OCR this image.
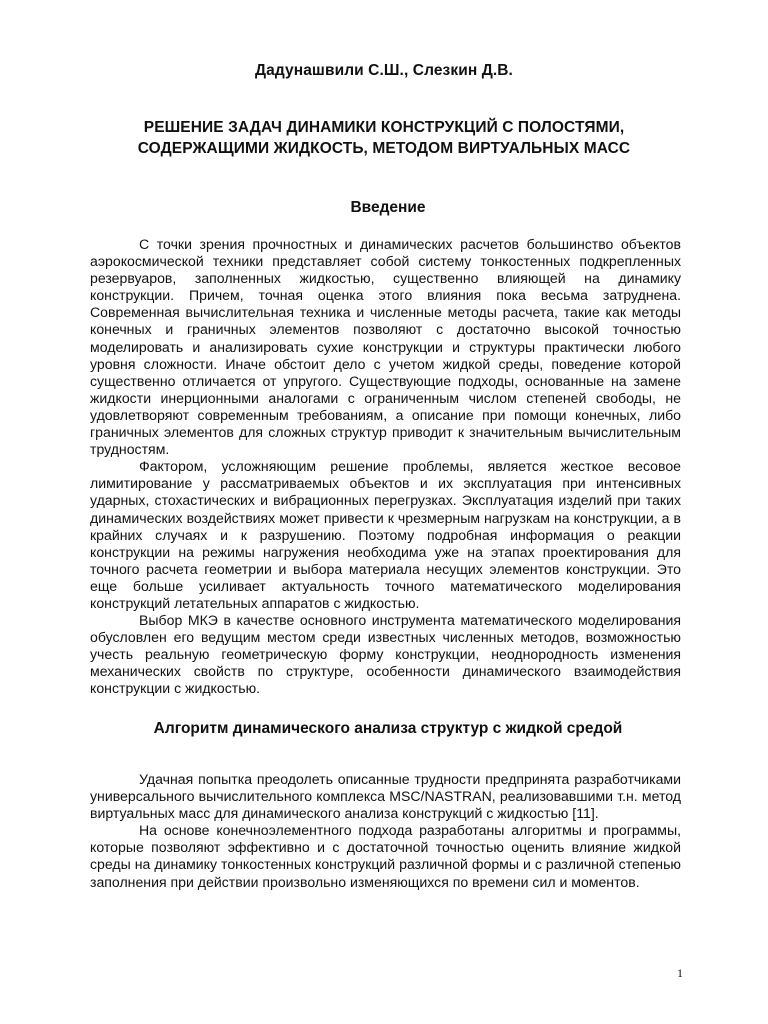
Дадунашвили С.Ш., Слезкин Д.В.
РЕШЕНИЕ ЗАДАЧ ДИНАМИКИ КОНСТРУКЦИЙ С ПОЛОСТЯМИ,
СОДЕРЖАЩИМИ ЖИДКОСТЬ, МЕТОДОМ ВИРТУАЛЬНЫХ МАСС
Введение

С точки зрения прочностных и динамических расчетов большинство объектов аэрокосмической техники представляет собой систему тонкостенных подкрепленных резервуаров, заполненных жидкостью, существенно влияющей на динамику конструкции. Причем, точная оценка этого влияния пока весьма затруднена. Современная вычислительная техника и численные методы расчета, такие как методы конечных и граничных элементов позволяют с достаточно высокой точностью моделировать и анализировать сухие конструкции и структуры практически любого уровня сложности. Иначе обстоит дело с учетом жидкой среды, поведение которой существенно отличается от упругого. Существующие подходы, основанные на замене жидкости инерционными аналогами с ограниченным числом степеней свободы, не удовлетворяют современным требованиям, а описание при помощи конечных, либо граничных элементов для сложных структур приводит к значительным вычислительным трудностям.

Фактором, усложняющим решение проблемы, является жесткое весовое лимитирование у рассматриваемых объектов и их эксплуатация при интенсивных ударных, стохастических и вибрационных перегрузках. Эксплуатация изделий при таких динамических воздействиях может привести к чрезмерным нагрузкам на конструкции, а в крайних случаях и к разрушению. Поэтому подробная информация о реакции конструкции на режимы нагружения необходима уже на этапах проектирования для точного расчета геометрии и выбора материала несущих элементов конструкции. Это еще больше усиливает актуальность точного математического моделирования конструкций летательных аппаратов с жидкостью.

Выбор МКЭ в качестве основного инструмента математического моделирования обусловлен его ведущим местом среди известных численных методов, возможностью учесть реальную геометрическую форму конструкции, неоднородность изменения механических свойств по структуре, особенности динамического взаимодействия конструкции с жидкостью.

Алгоритм динамического анализа структур с жидкой средой

Удачная попытка преодолеть описанные трудности предпринята разработчиками универсального вычислительного комплекса MSC/NASTRAN, реализовавшими т.н. метод виртуальных масс для динамического анализа конструкций с жидкостью [11].

На основе конечноэлементного подхода разработаны алгоритмы и программы, которые позволяют эффективно и с достаточной точностью оценить влияние жидкой среды на динамику тонкостенных конструкций различной формы и с различной степенью заполнения при действии произвольно изменяющихся по времени сил и моментов.

1
